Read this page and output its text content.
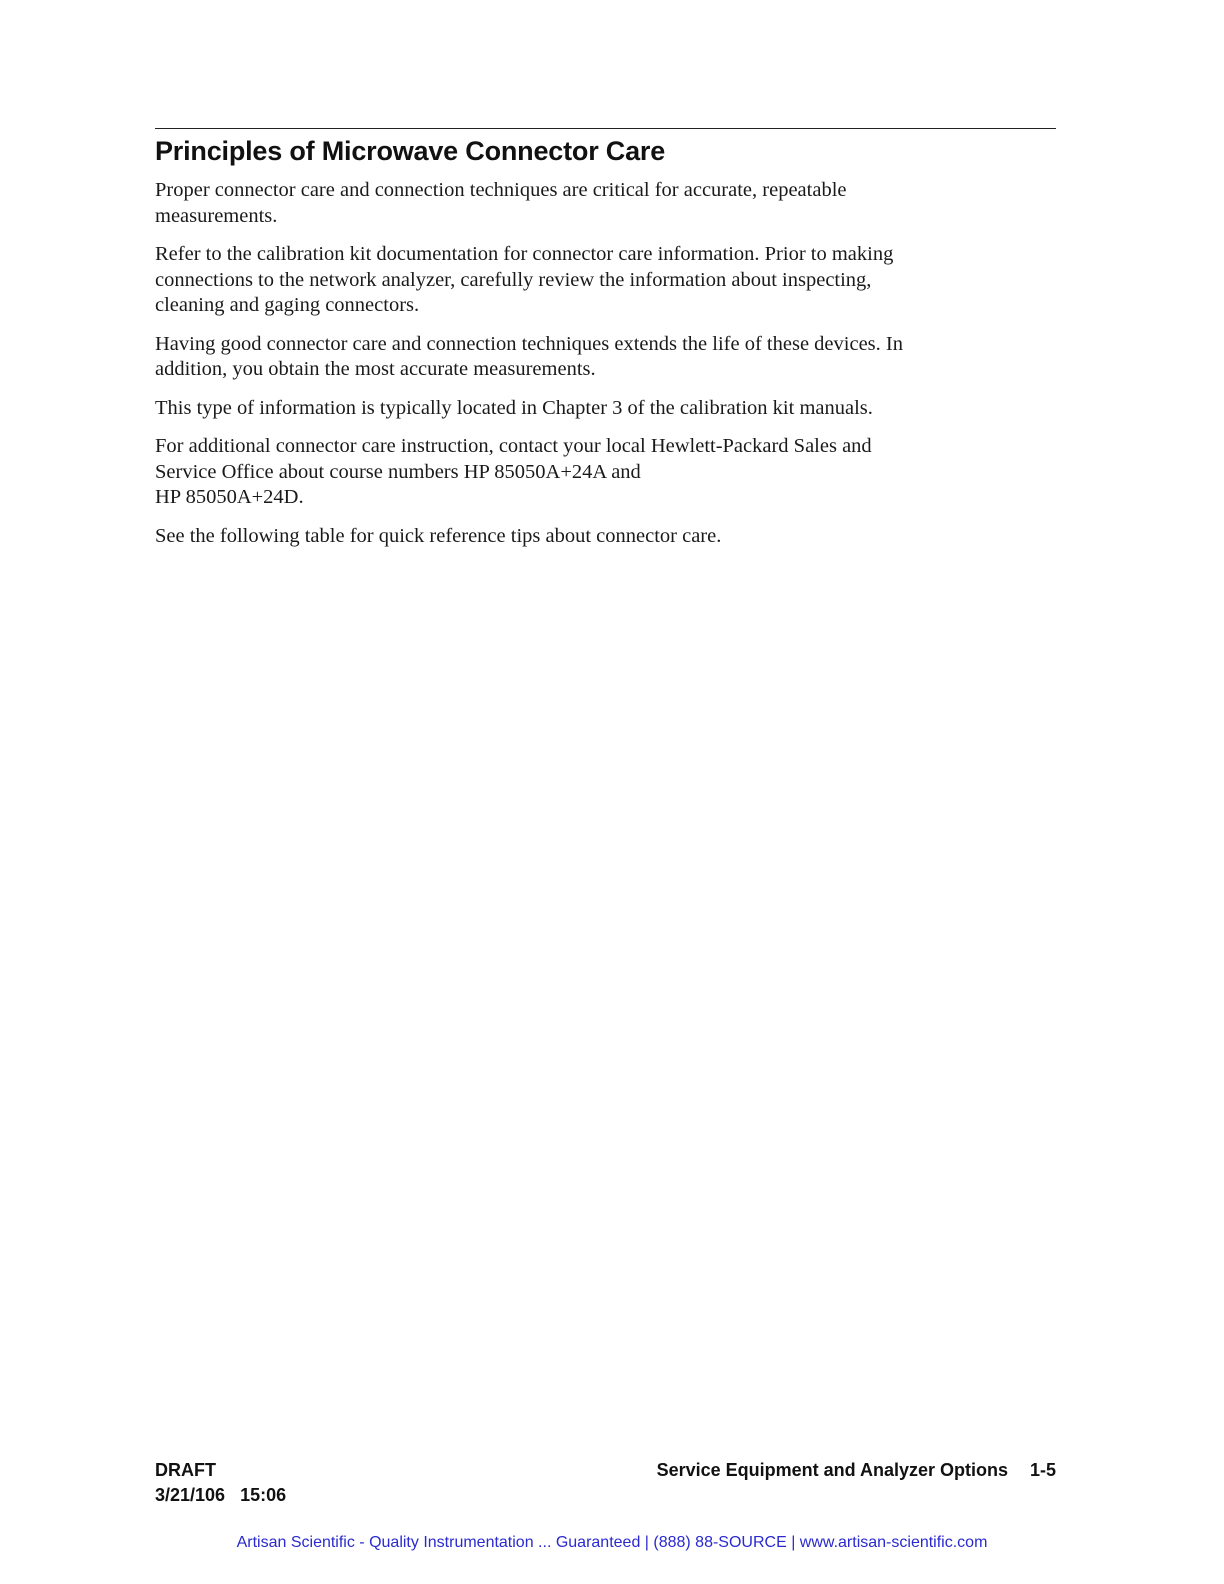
Principles of Microwave Connector Care

Proper connector care and connection techniques are critical for accurate, repeatable
measurements.

Refer to the calibration kit documentation for connector care information. Prior to making
connections to the network analyzer, carefully review the information about inspecting,
cleaning and gaging connectors.

Having good connector care and connection techniques extends the life of these devices. In
addition, you obtain the most accurate measurements.

This type of information is typically located in Chapter 3 of the calibration kit manuals.

For additional connector care instruction, contact your local Hewlett-Packard Sales and
Service Office about course numbers HP 85050A+24A and
HP 85050A+24D.

See the following table for quick reference tips about connector care.

DRAFT
3/21/106   15:06
Service Equipment and Analyzer Options 1-5
Artisan Scientific - Quality Instrumentation ... Guaranteed | (888) 88-SOURCE | www.artisan-scientific.com
